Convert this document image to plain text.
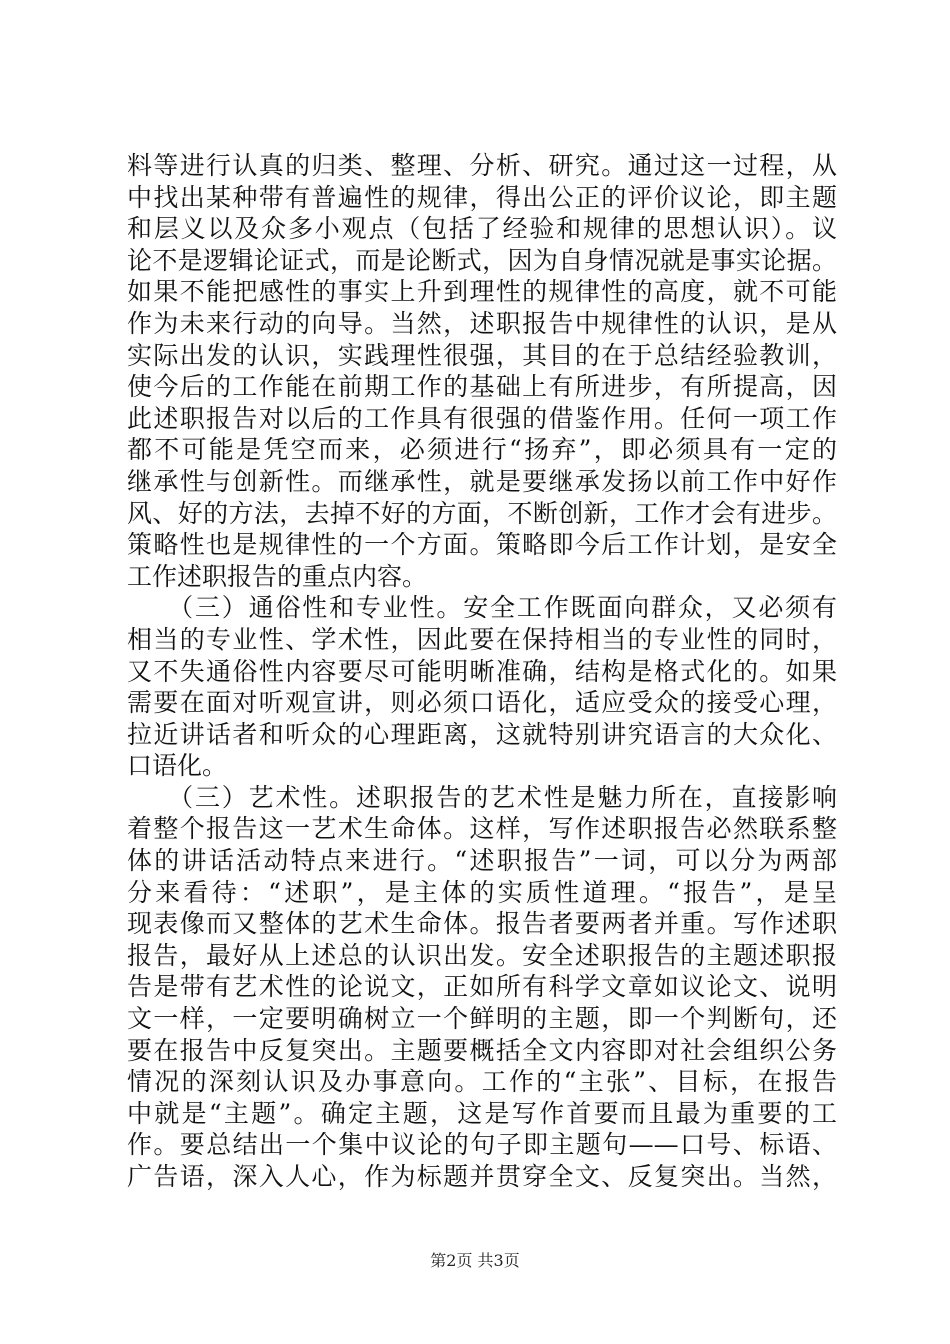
料等进行认真的归类、整理、分析、研究。通过这一过程，从
中找出某种带有普遍性的规律，得出公正的评价议论，即主题
和层义以及众多小观点（包括了经验和规律的思想认识）。议
论不是逻辑论证式，而是论断式，因为自身情况就是事实论据。
如果不能把感性的事实上升到理性的规律性的高度，就不可能
作为未来行动的向导。当然，述职报告中规律性的认识，是从
实际出发的认识，实践理性很强，其目的在于总结经验教训，
使今后的工作能在前期工作的基础上有所进步，有所提高，因
此述职报告对以后的工作具有很强的借鉴作用。任何一项工作
都不可能是凭空而来，必须进行“扬弃”，即必须具有一定的
继承性与创新性。而继承性，就是要继承发扬以前工作中好作
风、好的方法，去掉不好的方面，不断创新，工作才会有进步。
策略性也是规律性的一个方面。策略即今后工作计划，是安全
工作述职报告的重点内容。
　　（三）通俗性和专业性。安全工作既面向群众，又必须有
相当的专业性、学术性，因此要在保持相当的专业性的同时，
又不失通俗性内容要尽可能明晰准确，结构是格式化的。如果
需要在面对听观宣讲，则必须口语化，适应受众的接受心理，
拉近讲话者和听众的心理距离，这就特别讲究语言的大众化、
口语化。
　　（三）艺术性。述职报告的艺术性是魅力所在，直接影响
着整个报告这一艺术生命体。这样，写作述职报告必然联系整
体的讲话活动特点来进行。“述职报告”一词，可以分为两部
分来看待：“述职”，是主体的实质性道理。“报告”，是呈
现表像而又整体的艺术生命体。报告者要两者并重。写作述职
报告，最好从上述总的认识出发。安全述职报告的主题述职报
告是带有艺术性的论说文，正如所有科学文章如议论文、说明
文一样，一定要明确树立一个鲜明的主题，即一个判断句，还
要在报告中反复突出。主题要概括全文内容即对社会组织公务
情况的深刻认识及办事意向。工作的“主张”、目标，在报告
中就是“主题”。确定主题，这是写作首要而且最为重要的工
作。要总结出一个集中议论的句子即主题句——口号、标语、
广告语，深入人心，作为标题并贯穿全文、反复突出。当然，
第2页 共3页
